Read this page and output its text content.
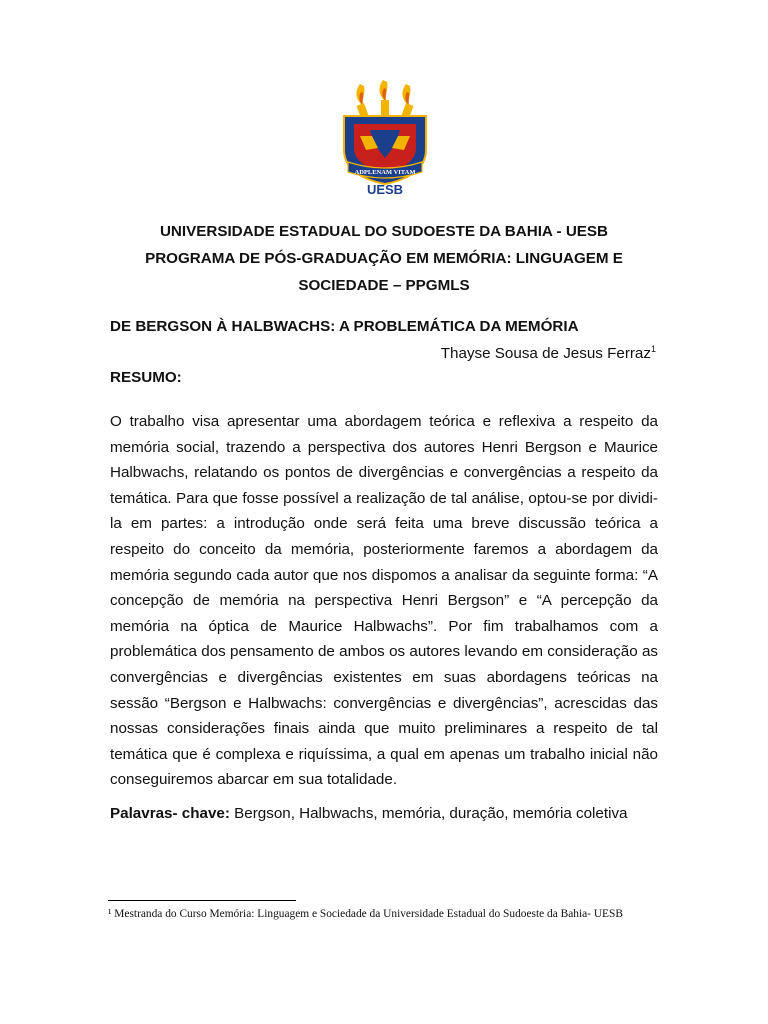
ADPLENAM VITAM
UESB
UNIVERSIDADE ESTADUAL DO SUDOESTE DA BAHIA - UESB
PROGRAMA DE PÓS-GRADUAÇÃO EM MEMÓRIA: LINGUAGEM E
SOCIEDADE – PPGMLS
DE BERGSON À HALBWACHS: A PROBLEMÁTICA DA MEMÓRIA
Thayse Sousa de Jesus Ferraz$^1$
RESUMO:

O trabalho visa apresentar uma abordagem teórica e reflexiva a respeito da memória social, trazendo a perspectiva dos autores Henri Bergson e Maurice Halbwachs, relatando os pontos de divergências e convergências a respeito da temática. Para que fosse possível a realização de tal análise, optou-se por dividi-la em partes: a introdução onde será feita uma breve discussão teórica a respeito do conceito da memória, posteriormente faremos a abordagem da memória segundo cada autor que nos dispomos a analisar da seguinte forma: “A concepção de memória na perspectiva Henri Bergson” e “A percepção da memória na óptica de Maurice Halbwachs”. Por fim trabalhamos com a problemática dos pensamento de ambos os autores levando em consideração as convergências e divergências existentes em suas abordagens teóricas na sessão “Bergson e Halbwachs: convergências e divergências”, acrescidas das nossas considerações finais ainda que muito preliminares a respeito de tal temática que é complexa e riquíssima, a qual em apenas um trabalho inicial não conseguiremos abarcar em sua totalidade.

Palavras- chave: Bergson, Halbwachs, memória, duração, memória coletiva

¹ Mestranda do Curso Memória: Linguagem e Sociedade da Universidade Estadual do Sudoeste da Bahia- UESB
